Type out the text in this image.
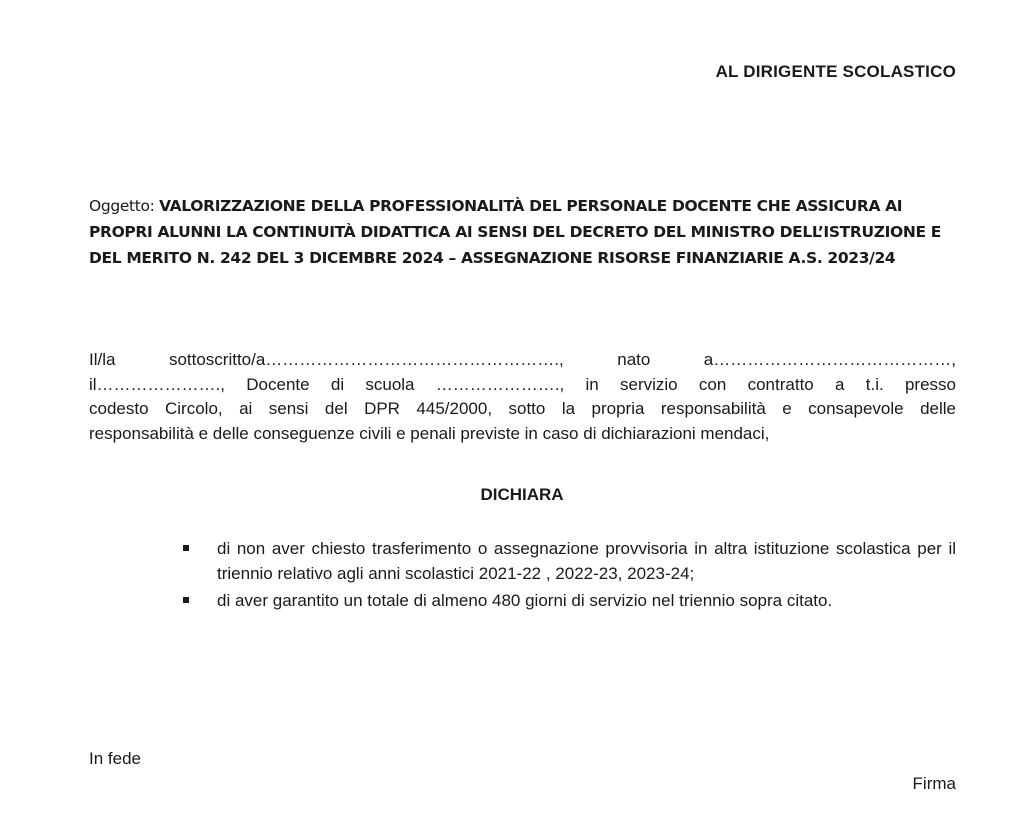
AL DIRIGENTE SCOLASTICO
Oggetto: VALORIZZAZIONE DELLA PROFESSIONALITÀ DEL PERSONALE DOCENTE CHE ASSICURA AI PROPRI ALUNNI LA CONTINUITÀ DIDATTICA AI SENSI DEL DECRETO DEL MINISTRO DELL’ISTRUZIONE E DEL MERITO N. 242 DEL 3 DICEMBRE 2024 – ASSEGNAZIONE RISORSE FINANZIARIE A.S. 2023/24
Il/la sottoscritto/a……………………………………………., nato a……………………………………,
il…………………., Docente di scuola …………………., in servizio con contratto a t.i. presso
codesto Circolo, ai sensi del DPR 445/2000, sotto la propria responsabilità e consapevole delle
responsabilità e delle conseguenze civili e penali previste in caso di dichiarazioni mendaci,
DICHIARA
di non aver chiesto trasferimento o assegnazione provvisoria in altra istituzione scolastica per il triennio relativo agli anni scolastici 2021-22 , 2022-23, 2023-24;
di aver garantito un totale di almeno 480 giorni di servizio nel triennio sopra citato.
In fede
Firma
